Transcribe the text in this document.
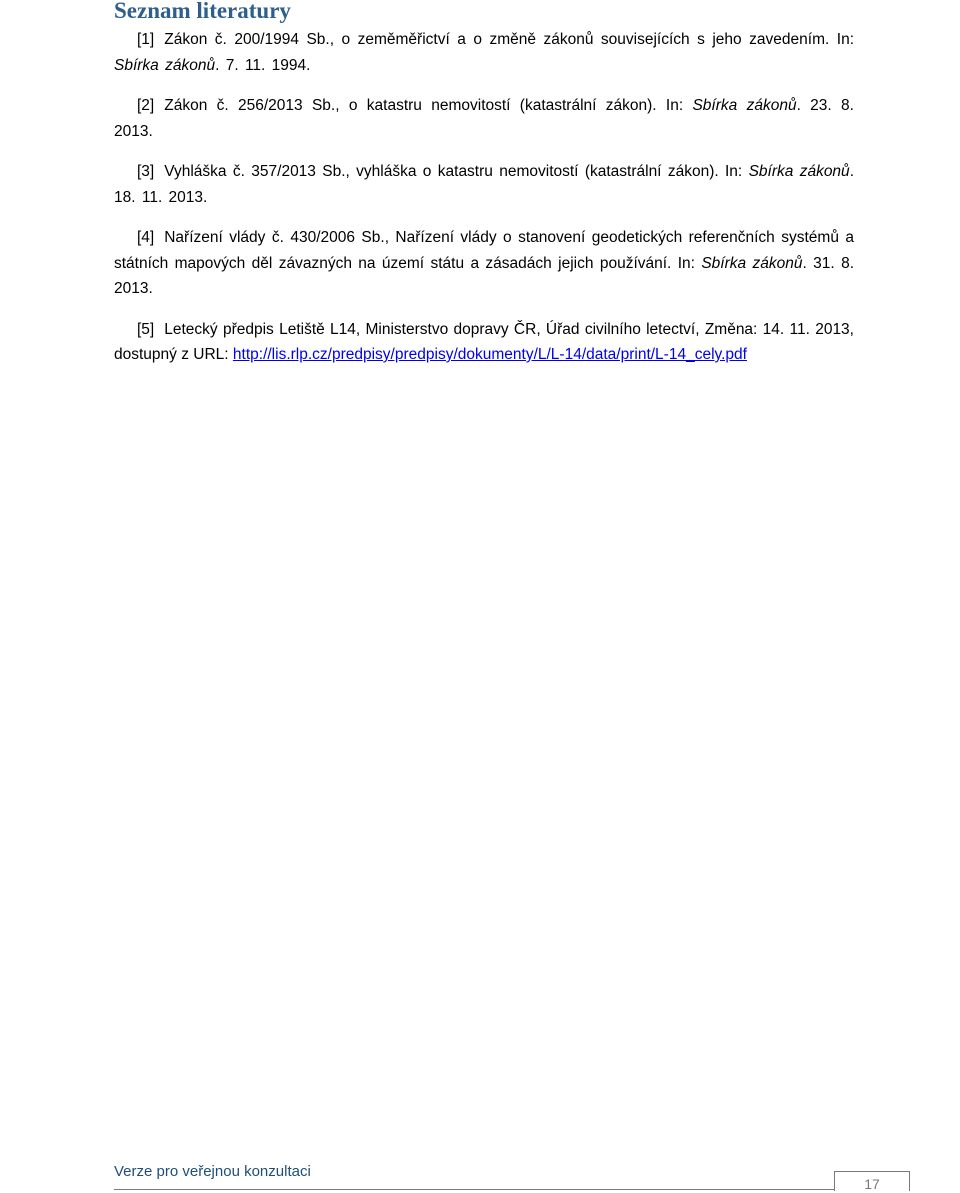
Seznam literatury

[1] Zákon č. 200/1994 Sb., o zeměměřictví a o změně zákonů souvisejících s jeho zavedením. In: Sbírka zákonů. 7. 11. 1994.

[2] Zákon č. 256/2013 Sb., o katastru nemovitostí (katastrální zákon). In: Sbírka zákonů. 23. 8. 2013.

[3] Vyhláška č. 357/2013 Sb., vyhláška o katastru nemovitostí (katastrální zákon). In: Sbírka zákonů. 18. 11. 2013.

[4] Nařízení vlády č. 430/2006 Sb., Nařízení vlády o stanovení geodetických referenčních systémů a státních mapových děl závazných na území státu a zásadách jejich používání. In: Sbírka zákonů. 31. 8. 2013.

[5] Letecký předpis Letiště L14, Ministerstvo dopravy ČR, Úřad civilního letectví, Změna: 14. 11. 2013, dostupný z URL: http://lis.rlp.cz/predpisy/predpisy/dokumenty/L/L-14/data/print/L-14_cely.pdf

Verze pro veřejnou konzultaci
17
